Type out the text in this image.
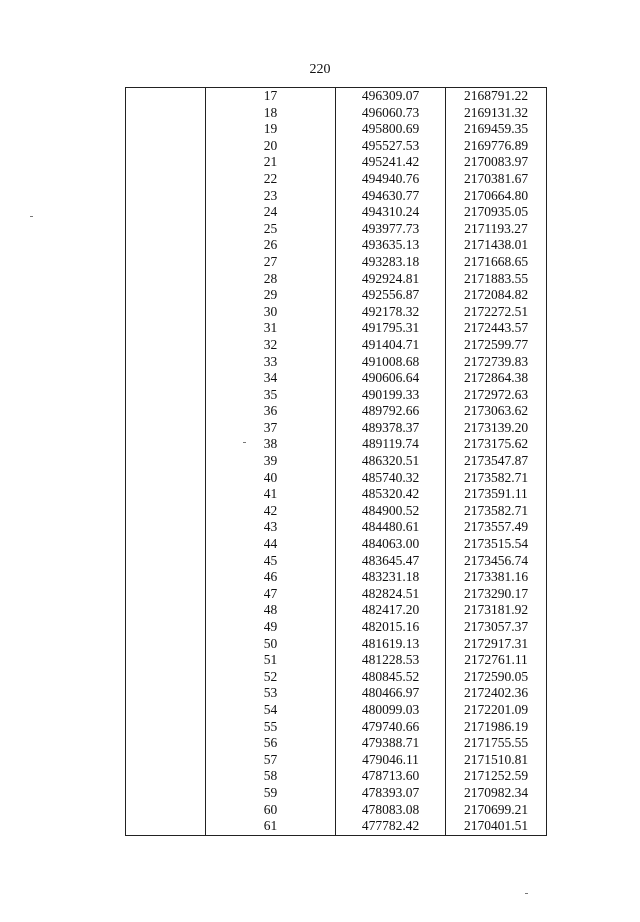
220
	17	496309.07	2168791.22
	18	496060.73	2169131.32
	19	495800.69	2169459.35
	20	495527.53	2169776.89
	21	495241.42	2170083.97
	22	494940.76	2170381.67
	23	494630.77	2170664.80
	24	494310.24	2170935.05
	25	493977.73	2171193.27
	26	493635.13	2171438.01
	27	493283.18	2171668.65
	28	492924.81	2171883.55
	29	492556.87	2172084.82
	30	492178.32	2172272.51
	31	491795.31	2172443.57
	32	491404.71	2172599.77
	33	491008.68	2172739.83
	34	490606.64	2172864.38
	35	490199.33	2172972.63
	36	489792.66	2173063.62
	37	489378.37	2173139.20
	38	489119.74	2173175.62
	39	486320.51	2173547.87
	40	485740.32	2173582.71
	41	485320.42	2173591.11
	42	484900.52	2173582.71
	43	484480.61	2173557.49
	44	484063.00	2173515.54
	45	483645.47	2173456.74
	46	483231.18	2173381.16
	47	482824.51	2173290.17
	48	482417.20	2173181.92
	49	482015.16	2173057.37
	50	481619.13	2172917.31
	51	481228.53	2172761.11
	52	480845.52	2172590.05
	53	480466.97	2172402.36
	54	480099.03	2172201.09
	55	479740.66	2171986.19
	56	479388.71	2171755.55
	57	479046.11	2171510.81
	58	478713.60	2171252.59
	59	478393.07	2170982.34
	60	478083.08	2170699.21
	61	477782.42	2170401.51
